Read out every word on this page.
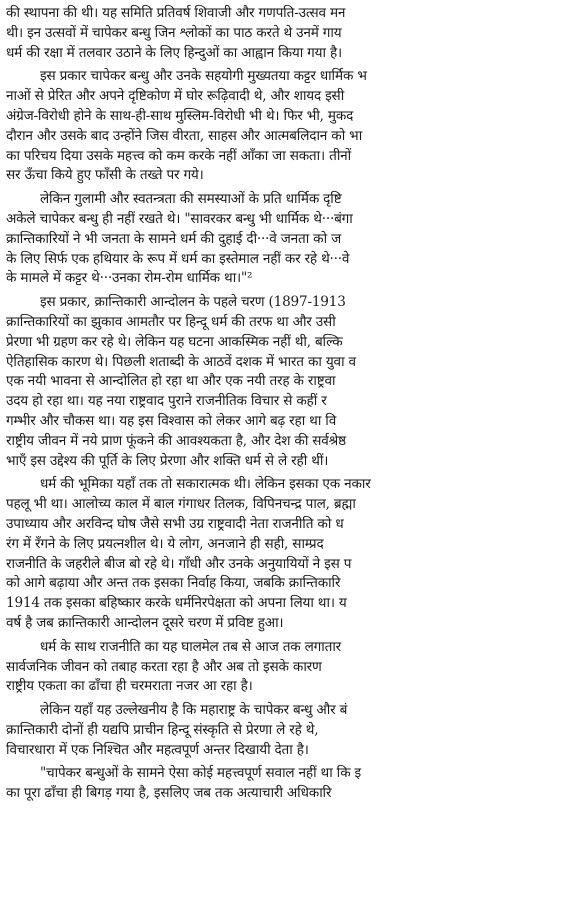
की स्थापना की थी। यह समिति प्रतिवर्ष शिवाजी और गणपति-उत्सव मन
थी। इन उत्सवों में चापेकर बन्धु जिन श्लोकों का पाठ करते थे उनमें गाय
धर्म की रक्षा में तलवार उठाने के लिए हिन्दुओं का आह्वान किया गया है।
इस प्रकार चापेकर बन्धु और उनके सहयोगी मुख्यतया कट्टर धार्मिक भ
नाओं से प्रेरित और अपने दृष्टिकोण में घोर रूढ़िवादी थे, और शायद इसी
अंग्रेज-विरोधी होने के साथ-ही-साथ मुस्लिम-विरोधी भी थे। फिर भी, मुकद
दौरान और उसके बाद उन्होंने जिस वीरता, साहस और आत्मबलिदान को भा
का परिचय दिया उसके महत्त्व को कम करके नहीं आँका जा सकता। तीनों
सर ऊँचा किये हुए फाँसी के तख्ते पर गये।
लेकिन गुलामी और स्वतन्त्रता की समस्याओं के प्रति धार्मिक दृष्टि
अकेले चापेकर बन्धु ही नहीं रखते थे। "सावरकर बन्धु भी धार्मिक थे···बंगा
क्रान्तिकारियों ने भी जनता के सामने धर्म की दुहाई दी···वे जनता को ज
के लिए सिर्फ एक हथियार के रूप में धर्म का इस्तेमाल नहीं कर रहे थे···वे
के मामले में कट्टर थे···उनका रोम-रोम धार्मिक था।"²
इस प्रकार, क्रान्तिकारी आन्दोलन के पहले चरण (1897-1913
क्रान्तिकारियों का झुकाव आमतौर पर हिन्दू धर्म की तरफ था और उसी
प्रेरणा भी ग्रहण कर रहे थे। लेकिन यह घटना आकस्मिक नहीं थी, बल्कि
ऐतिहासिक कारण थे। पिछली शताब्दी के आठवें दशक में भारत का युवा व
एक नयी भावना से आन्दोलित हो रहा था और एक नयी तरह के राष्ट्रवा
उदय हो रहा था। यह नया राष्ट्रवाद पुराने राजनीतिक विचार से कहीं र
गम्भीर और चौकस था। यह इस विश्वास को लेकर आगे बढ़ रहा था वि
राष्ट्रीय जीवन में नये प्राण फूंकने की आवश्यकता है, और देश की सर्वश्रेष्ठ
भाएँ इस उद्देश्य की पूर्ति के लिए प्रेरणा और शक्ति धर्म से ले रही थीं।
धर्म की भूमिका यहाँ तक तो सकारात्मक थी। लेकिन इसका एक नकार
पहलू भी था। आलोच्य काल में बाल गंगाधर तिलक, विपिनचन्द्र पाल, ब्रह्मा
उपाध्याय और अरविन्द घोष जैसे सभी उग्र राष्ट्रवादी नेता राजनीति को ध
रंग में रँगने के लिए प्रयत्नशील थे। ये लोग, अनजाने ही सही, साम्प्रद
राजनीति के जहरीले बीज बो रहे थे। गाँधी और उनके अनुयायियों ने इस प
को आगे बढ़ाया और अन्त तक इसका निर्वाह किया, जबकि क्रान्तिकारि
1914 तक इसका बहिष्कार करके धर्मनिरपेक्षता को अपना लिया था। य
वर्ष है जब क्रान्तिकारी आन्दोलन दूसरे चरण में प्रविष्ट हुआ।
धर्म के साथ राजनीति का यह घालमेल तब से आज तक लगातार
सार्वजनिक जीवन को तबाह करता रहा है और अब तो इसके कारण
राष्ट्रीय एकता का ढाँचा ही चरमराता नजर आ रहा है।
लेकिन यहाँ यह उल्लेखनीय है कि महाराष्ट्र के चापेकर बन्धु और बं
क्रान्तिकारी दोनों ही यद्यपि प्राचीन हिन्दू संस्कृति से प्रेरणा ले रहे थे,
विचारधारा में एक निश्चित और महत्वपूर्ण अन्तर दिखायी देता है।
"चापेकर बन्धुओं के सामने ऐसा कोई महत्त्वपूर्ण सवाल नहीं था कि इ
का पूरा ढाँचा ही बिगड़ गया है, इसलिए जब तक अत्याचारी अधिकारि
